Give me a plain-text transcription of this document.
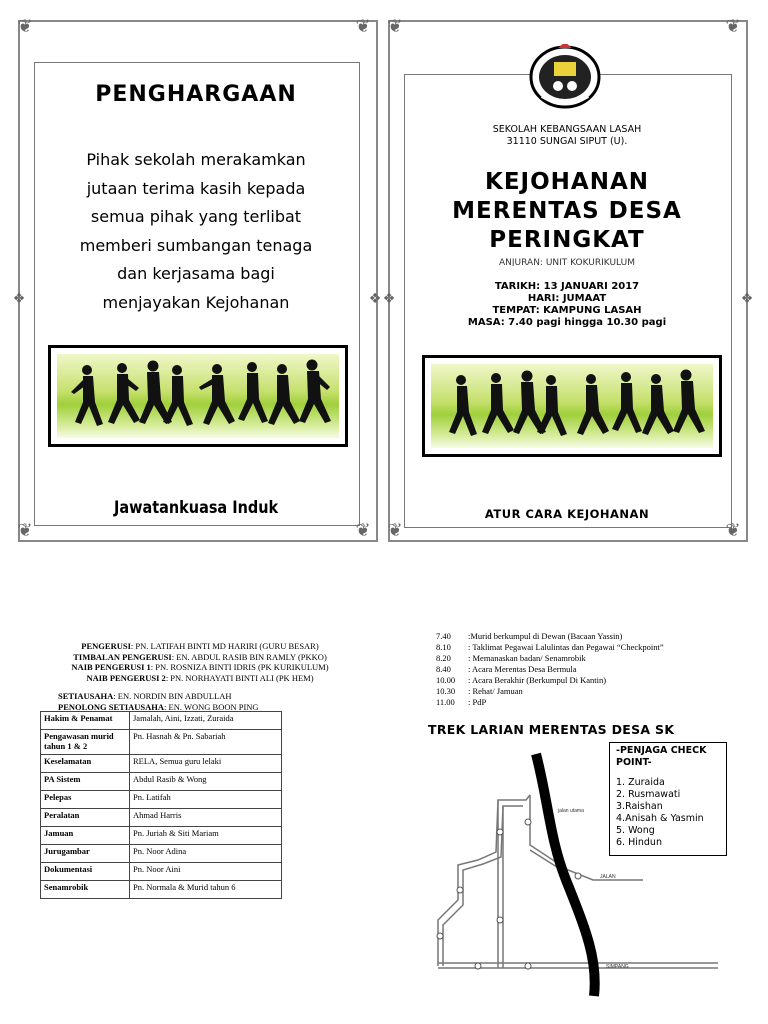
❦	❦
❦	❦
❖	❖
PENGHARGAAN
Pihak sekolah merakamkan
jutaan terima kasih kepada
semua pihak yang terlibat
memberi sumbangan tenaga
dan kerjasama bagi
menjayakan Kejohanan
Jawatankuasa Induk
❦	❦
❦	❦
❖	❖
SEKOLAH KEBANGSAAN LASAH
31110 SUNGAI SIPUT (U).
KEJOHANAN
MERENTAS DESA
PERINGKAT
ANJURAN: UNIT KOKURIKULUM
TARIKH: 13 JANUARI 2017
HARI: JUMAAT
TEMPAT: KAMPUNG LASAH
MASA: 7.40 pagi hingga 10.30 pagi
ATUR CARA KEJOHANAN
PENGERUSI: PN. LATIFAH BINTI MD HARIRI (GURU BESAR)
TIMBALAN PENGERUSI: EN. ABDUL RASIB BIN RAMLY (PKKO)
NAIB PENGERUSI 1: PN. ROSNIZA BINTI IDRIS (PK KURIKULUM)
NAIB PENGERUSI 2: PN. NORHAYATI BINTI ALI (PK HEM)
SETIAUSAHA: EN. NORDIN BIN ABDULLAH
PENOLONG SETIAUSAHA: EN. WONG BOON PING
Hakim & Penamat	Jamalah, Aini, Izzati, Zuraida
Pengawasan murid tahun 1 & 2	Pn. Hasnah & Pn. Sabariah
Keselamatan	RELA, Semua guru lelaki
PA Sistem	Abdul Rasib & Wong
Pelepas	Pn. Latifah
Peralatan	Ahmad Harris
Jamuan	Pn. Juriah & Siti Mariam
Jurugambar	Pn. Noor Adina
Dokumentasi	Pn. Noor Aini
Senamrobik	Pn. Normala & Murid tahun 6
7.40 :Murid berkumpul di Dewan (Bacaan Yassin)
8.10 : Taklimat Pegawai Lalulintas dan Pegawai “Checkpoint”
8.20 : Memanaskan badan/ Senamrobik
8.40 : Acara Merentas Desa Bermula
10.00 : Acara Berakhir (Berkumpul Di Kantin)
10.30 : Rehat/ Jamuan
11.00 : PdP
TREK LARIAN MERENTAS DESA SK
jalan utama
JALAN
SIMPANG
-PENJAGA CHECK POINT-
1. Zuraida
2. Rusmawati
3.Raishan
4.Anisah & Yasmin
5. Wong
6. Hindun
